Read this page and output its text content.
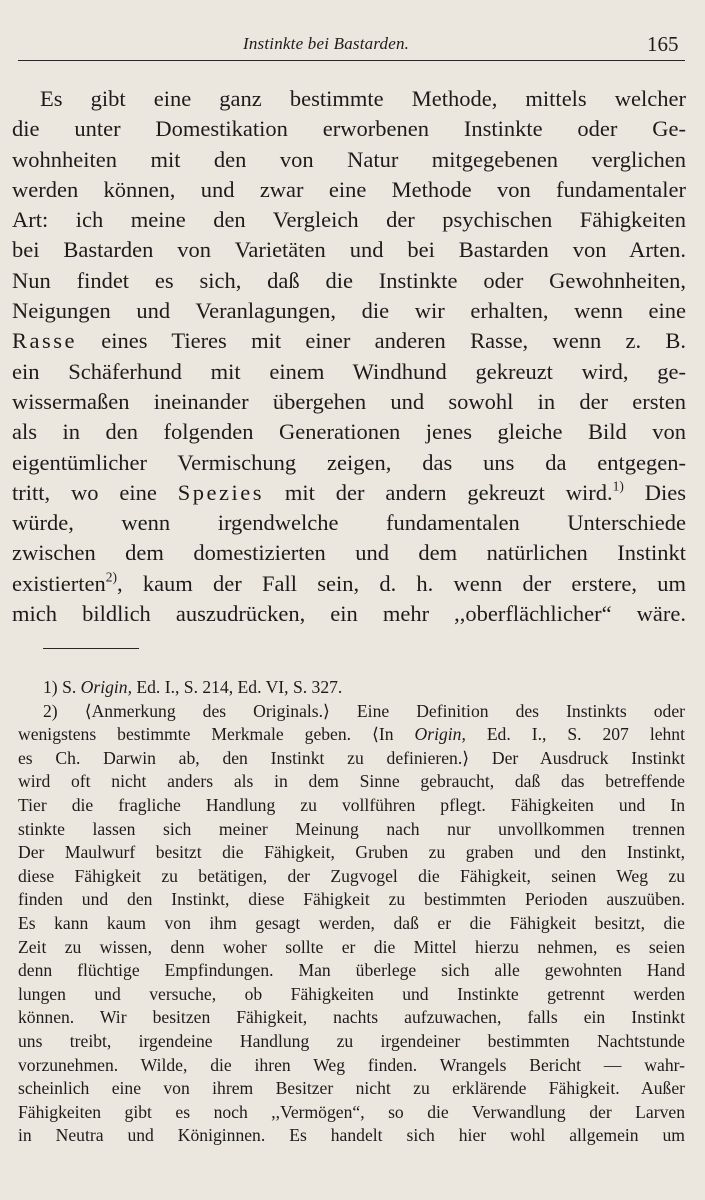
Instinkte bei Bastarden.	165
Es gibt eine ganz bestimmte Methode, mittels welcher
die unter Domestikation erworbenen Instinkte oder Ge-
wohnheiten mit den von Natur mitgegebenen verglichen
werden können, und zwar eine Methode von fundamentaler
Art: ich meine den Vergleich der psychischen Fähigkeiten
bei Bastarden von Varietäten und bei Bastarden von Arten.
Nun findet es sich, daß die Instinkte oder Gewohnheiten,
Neigungen und Veranlagungen, die wir erhalten, wenn eine
Rasse eines Tieres mit einer anderen Rasse, wenn z. B.
ein Schäferhund mit einem Windhund gekreuzt wird, ge-
wissermaßen ineinander übergehen und sowohl in der ersten
als in den folgenden Generationen jenes gleiche Bild von
eigentümlicher Vermischung zeigen, das uns da entgegen-
tritt, wo eine Spezies mit der andern gekreuzt wird.$^{1)}$ Dies
würde, wenn irgendwelche fundamentalen Unterschiede
zwischen dem domestizierten und dem natürlichen Instinkt
existierten$^{2)}$, kaum der Fall sein, d. h. wenn der erstere, um
mich bildlich auszudrücken, ein mehr ,,oberflächlicher“ wäre.
1) S. Origin, Ed. I., S. 214, Ed. VI, S. 327.
2) ⟨Anmerkung des Originals.⟩ Eine Definition des Instinkts oder
wenigstens bestimmte Merkmale geben. ⟨In Origin, Ed. I., S. 207 lehnt
es Ch. Darwin ab, den Instinkt zu definieren.⟩ Der Ausdruck Instinkt
wird oft nicht anders als in dem Sinne gebraucht, daß das betreffende
Tier die fragliche Handlung zu vollführen pflegt. Fähigkeiten und In
stinkte lassen sich meiner Meinung nach nur unvollkommen trennen
Der Maulwurf besitzt die Fähigkeit, Gruben zu graben und den Instinkt,
diese Fähigkeit zu betätigen, der Zugvogel die Fähigkeit, seinen Weg zu
finden und den Instinkt, diese Fähigkeit zu bestimmten Perioden auszuüben.
Es kann kaum von ihm gesagt werden, daß er die Fähigkeit besitzt, die
Zeit zu wissen, denn woher sollte er die Mittel hierzu nehmen, es seien
denn flüchtige Empfindungen. Man überlege sich alle gewohnten Hand
lungen und versuche, ob Fähigkeiten und Instinkte getrennt werden
können. Wir besitzen Fähigkeit, nachts aufzuwachen, falls ein Instinkt
uns treibt, irgendeine Handlung zu irgendeiner bestimmten Nachtstunde
vorzunehmen. Wilde, die ihren Weg finden. Wrangels Bericht — wahr-
scheinlich eine von ihrem Besitzer nicht zu erklärende Fähigkeit. Außer
Fähigkeiten gibt es noch ,,Vermögen“, so die Verwandlung der Larven
in Neutra und Königinnen. Es handelt sich hier wohl allgemein um
